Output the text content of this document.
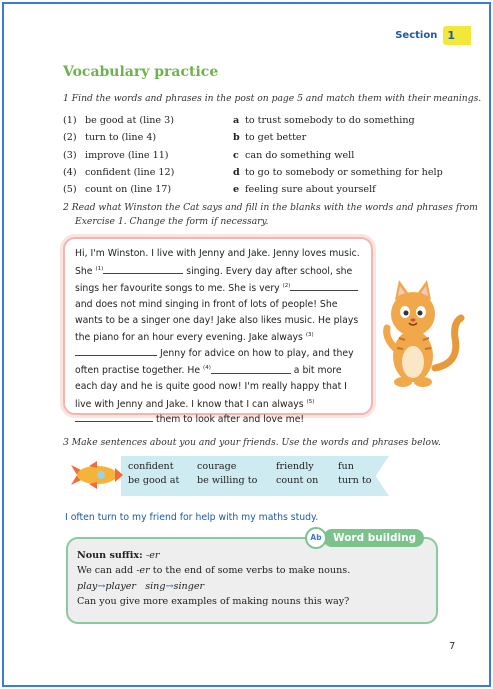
Section 1
Vocabulary practice
1 Find the words and phrases in the post on page 5 and match them with their meanings.
(1) be good at (line 3)	a to trust somebody to do something
(2) turn to (line 4)	b to get better
(3) improve (line 11)	c can do something well
(4) confident (line 12)	d to go to somebody or something for help
(5) count on (line 17)	e feeling sure about yourself
2 Read what Winston the Cat says and fill in the blanks with the words and phrases from
Exercise 1. Change the form if necessary.
Hi, I'm Winston. I live with Jenny and Jake. Jenny loves music. She $^{(1)}$	singing. Every day after school, she sings her favourite songs to me. She is very $^{(2)}$ and does not mind singing in front of lots of people! She wants to be a singer one day! Jake also likes music. He plays the piano for an hour every evening. Jake always $^{(3)}$ Jenny for advice on how to play, and they often practise together. He $^{(4)}$	a bit more each day and he is quite good now! I'm really happy that I live with Jenny and Jake. I know that I can always $^{(5)}$ them to look after and love me!
3 Make sentences about you and your friends. Use the words and phrases below.
confident	courage	friendly	fun
be good at	be willing to	count on	turn to
I often turn to my friend for help with my maths study.
Word building
Ab
Noun suffix: -er
We can add -er to the end of some verbs to make nouns.
play→player sing→singer
Can you give more examples of making nouns this way?
7
